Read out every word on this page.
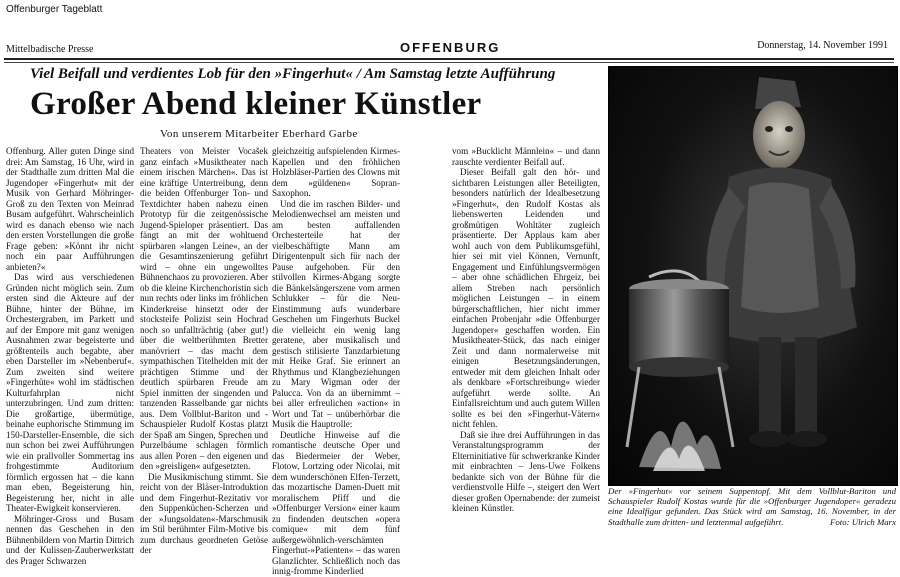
Offenburger Tageblatt
Mittelbadische Presse	OFFENBURG	Donnerstag, 14. November 1991
Viel Beifall und verdientes Lob für den »Fingerhut« / Am Samstag letzte Aufführung
Großer Abend kleiner Künstler
Von unserem Mitarbeiter Eberhard Garbe

Offenburg. Aller guten Dinge sind drei: Am Samstag, 16 Uhr, wird in der Stadthalle zum dritten Mal die Jugendoper »Fingerhut« mit der Musik von Gerhard Möhringer-Groß zu den Texten von Meinrad Busam aufgeführt. Wahrscheinlich wird es danach ebenso wie nach den ersten Vorstellungen die große Frage geben: »Könnt ihr nicht noch ein paar Aufführungen anbieten?«

Das wird aus verschiedenen Gründen nicht möglich sein. Zum ersten sind die Akteure auf der Bühne, hinter der Bühne, im Orchestergraben, im Parkett und auf der Empore mit ganz wenigen Ausnahmen zwar begeisterte und größtenteils auch begabte, aber eben Darsteller im »Nebenberuf«. Zum zweiten sind weitere »Fingerhüte« wohl im städtischen Kulturfahrplan nicht unterzubringen. Und zum dritten: Die großartige, übermütige, beinahe euphorische Stimmung im 150-Darsteller-Ensemble, die sich nun schon bei zwei Aufführungen wie ein prallvoller Sommertag ins frohgestimmte Auditorium förmlich ergossen hat – die kann man eben, Begeisterung hin, Begeisterung her, nicht in alle Theater-Ewigkeit konservieren.

Möhringer-Gross und Busam nennen das Geschehen in den Bühnenbildern von Martin Dittrich und der Kulissen-Zauberwerkstatt des Prager Schwarzen

Theaters von Meister Vocašek ganz einfach »Musiktheater nach einem irischen Märchen«. Das ist eine kräftige Untertreibung, denn die beiden Offenburger Ton- und Textdichter haben nahezu einen Prototyp für die zeitgenössische Jugend-Spieloper präsentiert. Das fängt an mit der wohltuend spürbaren »langen Leine«, an der die Gesamtinszenierung geführt wird – ohne ein ungewolltes Bühnenchaos zu provozieren. Aber ob die kleine Kirchenchoristin sich nun rechts oder links im fröhlichen Kinderkreise hinsetzt oder der stocksteife Polizist sein Hochrad noch so unfallträchtig (aber gut!) über die weltberühmten Bretter manövriert – das macht dem sympathischen Titelhelden mit der prächtigen Stimme und der deutlich spürbaren Freude am Spiel inmitten der singenden und tanzenden Rasselbande gar nichts aus. Dem Vollblut-Bariton und -Schauspieler Rudolf Kostas platzt der Spaß am Singen, Sprechen und Purzelbäume schlagen förmlich aus allen Poren – den eigenen und den »greisligen« aufgesetzten.

Die Musikmischung stimmt. Sie reicht von der Bläser-Introduktion und dem Fingerhut-Rezitativ vor den Suppenküchen-Scherzen und der »Jungsoldaten«-Marschmusik im Stil berühmter Film-Motive bis zum durchaus geordneten Getöse der

gleichzeitig aufspielenden Kirmes-Kapellen und den fröhlichen Holzbläser-Partien des Clowns mit dem »güldenen« Sopran-Saxophon.

Und die im raschen Bilder- und Melodienwechsel am meisten und am besten auffallenden Orchesterteile hat der vielbeschäftigte Mann am Dirigentenpult sich für nach der Pause aufgehoben. Für den stilvollen Kirmes-Abgang sorgte die Bänkelsängerszene vom armen Schlukker – für die Neu-Einstimmung aufs wunderbare Geschehen um Fingerhuts Buckel die vielleicht ein wenig lang geratene, aber musikalisch und gestisch stilisierte Tanzdarbietung mit Heike Graf. Sie erinnert an Rhythmus und Klangbeziehungen zu Mary Wigman oder der Palucca. Von da an übernimmt – bei aller erfreulichen »action« in Wort und Tat – unüberhörbar die Musik die Hauptrolle:

Deutliche Hinweise auf die romantische deutsche Oper und das Biedermeier der Weber, Flotow, Lortzing oder Nicolai, mit dem wunderschönen Elfen-Terzett, das mozartische Damen-Duett mit moralischem Pfiff und die »Offenburger Version« einer kaum zu findenden deutschen »opera comique« mit dem fünf außergewöhnlich-verschämten Fingerhut-»Patienten« – das waren Glanzlichter. Schließlich noch das innig-fromme Kinderlied

vom »Bucklicht Männlein« – und dann rauschte verdienter Beifall auf.

Dieser Beifall galt den hör- und sichtbaren Leistungen aller Beteiligten, besonders natürlich der Idealbesetzung »Fingerhut«, den Rudolf Kostas als liebenswerten Leidenden und großmütigen Wohltäter zugleich präsentierte. Der Applaus kam aber wohl auch von dem Publikumsgefühl, hier sei mit viel Können, Vernunft, Engagement und Einfühlungsvermögen – aber ohne schädlichen Ehrgeiz, bei allem Streben nach persönlich möglichen Leistungen – in einem bürgerschaftlichen, hier nicht immer einfachen Probenjahr »die Offenburger Jugendoper« geschaffen worden. Ein Musiktheater-Stück, das nach einiger Zeit und dann normalerweise mit einigen Besetzungsänderungen, entweder mit dem gleichen Inhalt oder als denkbare »Fortschreibung« wieder aufgeführt werde sollte. An Einfallsreichtum und auch gutem Willen sollte es bei den »Fingerhut-Vätern« nicht fehlen.

Daß sie ihre drei Aufführungen in das Veranstaltungsprogramm der Elterninitiative für schwerkranke Kinder mit einbrachten – Jens-Uwe Folkens bedankte sich von der Bühne für die verdienstvolle Hilfe –, steigert den Wert dieser großen Opernabende: der zumeist kleinen Künstler.

Der »Fingerhut« vor seinem Suppentopf. Mit dem Vollblut-Bariton und Schauspieler Rudolf Kostas wurde für die »Offenburger Jugendoper« geradezu eine Idealfigur gefunden. Das Stück wird am Samstag, 16. November, in der Stadthalle zum dritten- und letztenmal aufgeführt.	Foto: Ulrich Marx
